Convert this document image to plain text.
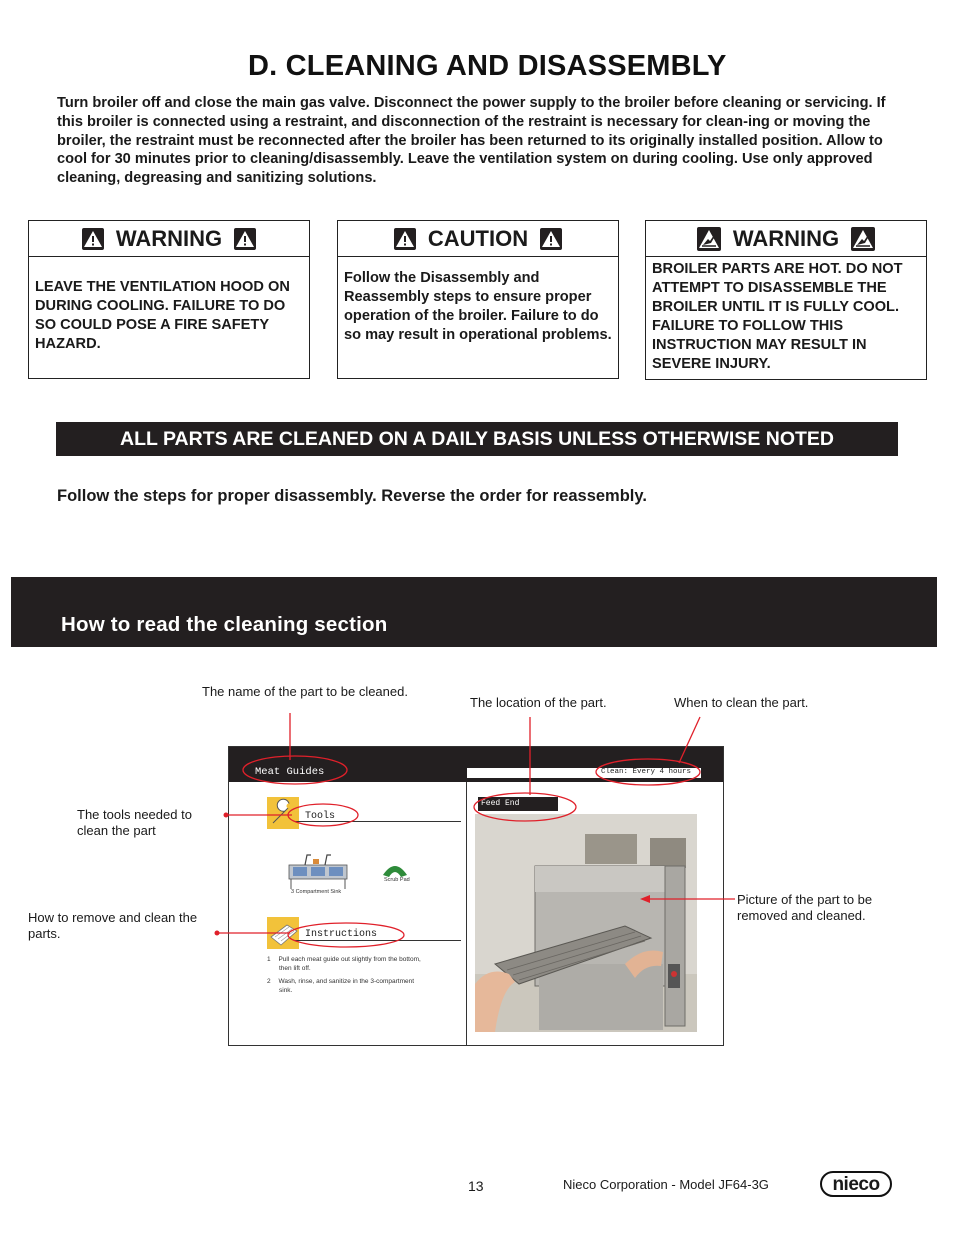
D. CLEANING AND DISASSEMBLY
Turn broiler off and close the main gas valve. Disconnect the power supply to the broiler before cleaning or servicing. If this broiler is connected using a restraint, and disconnection of the restraint is necessary for clean-ing or moving the broiler, the restraint must be reconnected after the broiler has been returned to its originally installed position. Allow to cool for 30 minutes prior to cleaning/disassembly. Leave the ventilation system on during cooling. Use only approved cleaning, degreasing and sanitizing solutions.
WARNING
LEAVE THE VENTILATION HOOD ON DURING COOLING. FAILURE TO DO SO COULD POSE A FIRE SAFETY HAZARD.
CAUTION
Follow the Disassembly and Reassembly steps to ensure proper operation of the broiler. Failure to do so may result in operational problems.
WARNING
BROILER PARTS ARE HOT. DO NOT ATTEMPT TO DISASSEMBLE THE BROILER UNTIL IT IS FULLY COOL. FAILURE TO FOLLOW THIS INSTRUCTION MAY RESULT IN SEVERE INJURY.
ALL PARTS ARE CLEANED ON A DAILY BASIS UNLESS OTHERWISE NOTED
Follow the steps for proper disassembly. Reverse the order for reassembly.
How to read the cleaning section
The name of the part to be cleaned.
The location of the part.	When to clean the part.
The tools needed to
clean the part
How to remove and clean the
parts.
Picture of the part to be
removed and cleaned.
Meat Guides	Clean: Every 4 hours
Tools
3 Compartment Sink
Scrub Pad
Instructions
1 Pull each meat guide out slightly from the bottom,
then lift off.
2 Wash, rinse, and sanitize in the 3-compartment
sink.
Feed End
13	Nieco Corporation - Model JF64-3G	nieco
